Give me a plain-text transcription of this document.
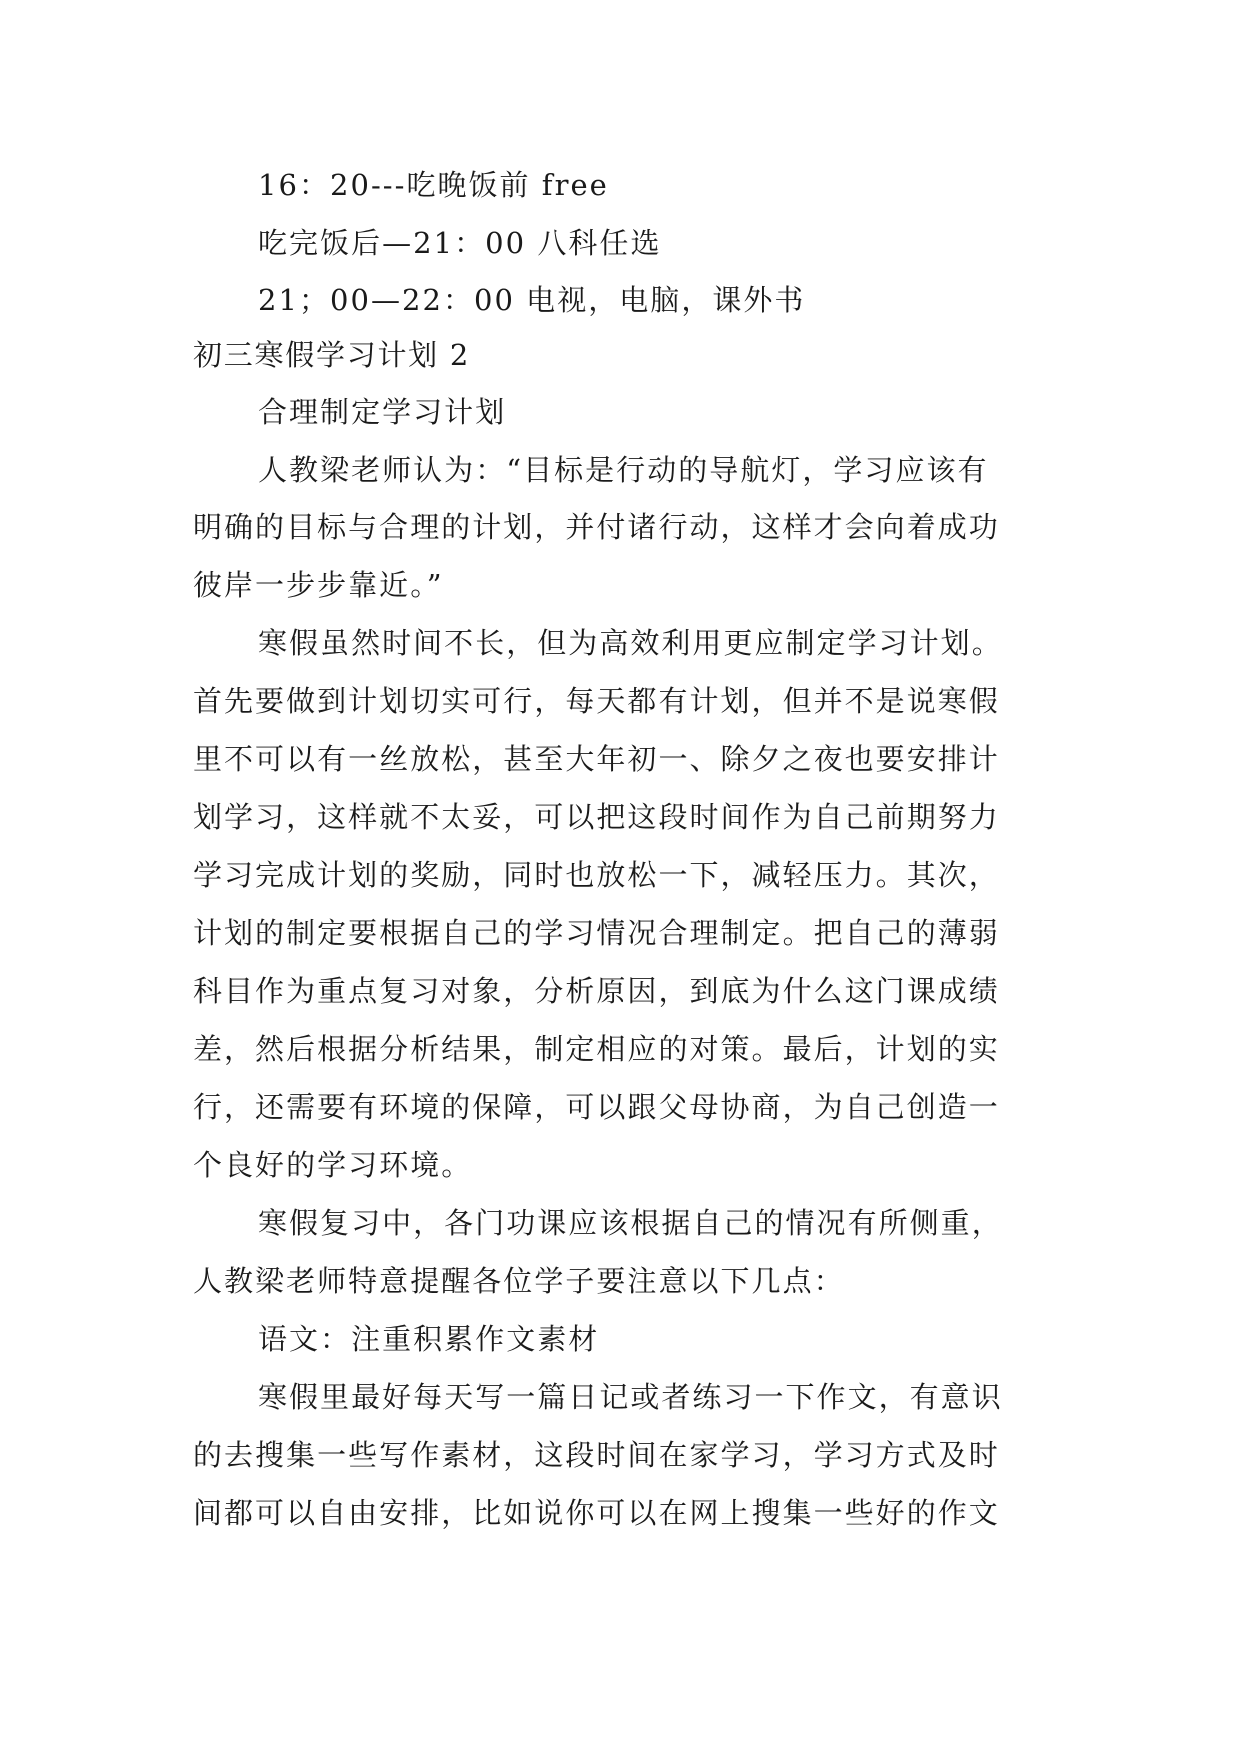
16：20---吃晚饭前 free
吃完饭后—21：00 八科任选
21；00—22：00 电视，电脑，课外书
初三寒假学习计划 2
合理制定学习计划
人教梁老师认为：“目标是行动的导航灯，学习应该有
明确的目标与合理的计划，并付诸行动，这样才会向着成功
彼岸一步步靠近。”
寒假虽然时间不长，但为高效利用更应制定学习计划。
首先要做到计划切实可行，每天都有计划，但并不是说寒假
里不可以有一丝放松，甚至大年初一、除夕之夜也要安排计
划学习，这样就不太妥，可以把这段时间作为自己前期努力
学习完成计划的奖励，同时也放松一下，减轻压力。其次，
计划的制定要根据自己的学习情况合理制定。把自己的薄弱
科目作为重点复习对象，分析原因，到底为什么这门课成绩
差，然后根据分析结果，制定相应的对策。最后，计划的实
行，还需要有环境的保障，可以跟父母协商，为自己创造一
个良好的学习环境。
寒假复习中，各门功课应该根据自己的情况有所侧重，
人教梁老师特意提醒各位学子要注意以下几点：
语文：注重积累作文素材
寒假里最好每天写一篇日记或者练习一下作文，有意识
的去搜集一些写作素材，这段时间在家学习，学习方式及时
间都可以自由安排，比如说你可以在网上搜集一些好的作文
